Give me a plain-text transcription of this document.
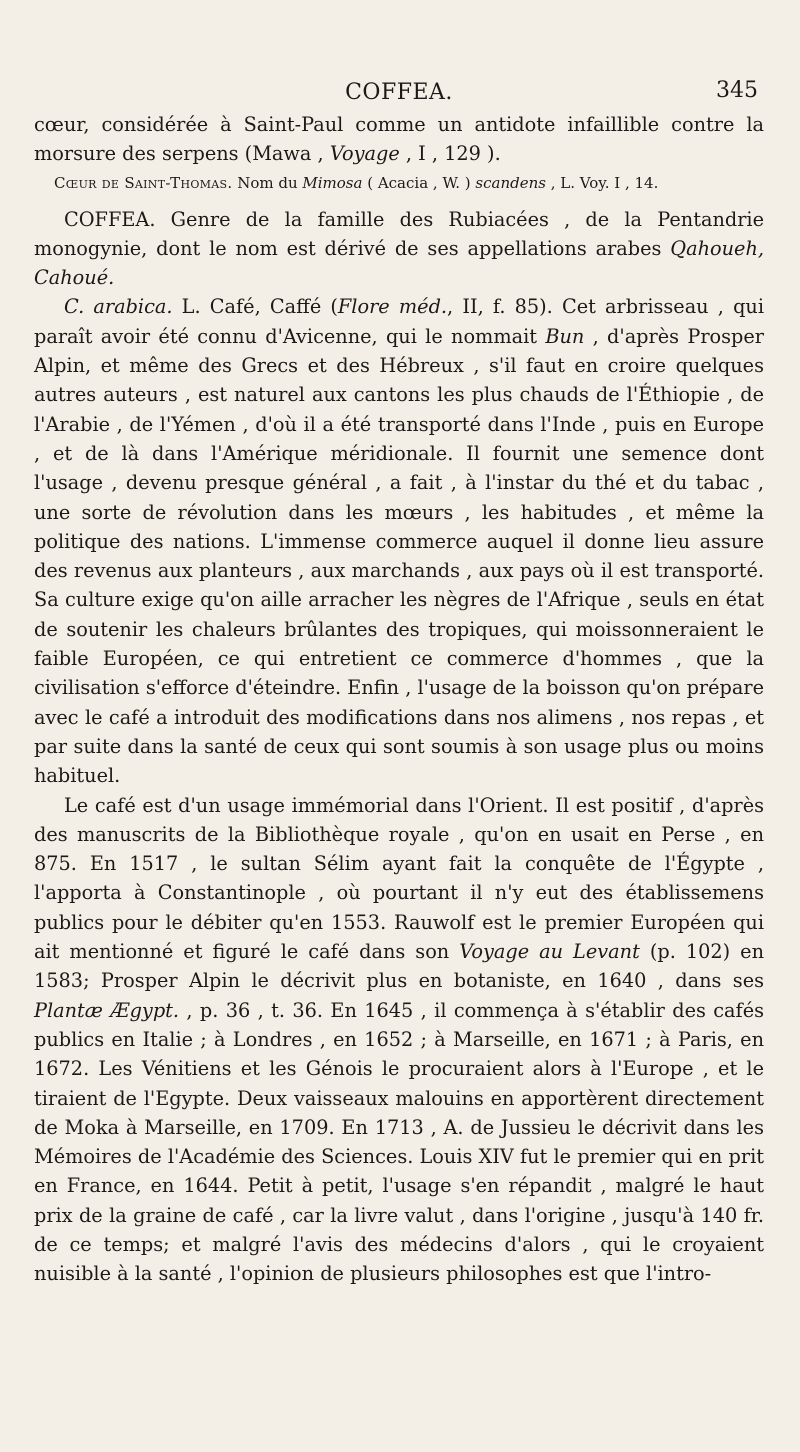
COFFEA.	345

cœur, considérée à Saint-Paul comme un antidote infaillible contre la morsure des serpens (Mawa , Voyage , I , 129 ).

Cœur de Saint-Thomas. Nom du Mimosa ( Acacia , W. ) scandens , L. Voy. I , 14.

COFFEA. Genre de la famille des Rubiacées , de la Pentandrie monogynie, dont le nom est dérivé de ses appellations arabes Qahoueh, Cahoué.

C. arabica. L. Café, Caffé (Flore méd., II, f. 85). Cet arbrisseau , qui paraît avoir été connu d'Avicenne, qui le nommait Bun , d'après Prosper Alpin, et même des Grecs et des Hébreux , s'il faut en croire quelques autres auteurs , est naturel aux cantons les plus chauds de l'Éthiopie , de l'Arabie , de l'Yémen , d'où il a été transporté dans l'Inde , puis en Europe , et de là dans l'Amérique méridionale. Il fournit une semence dont l'usage , devenu presque général , a fait , à l'instar du thé et du tabac , une sorte de révolution dans les mœurs , les habitudes , et même la politique des nations. L'immense commerce auquel il donne lieu assure des revenus aux planteurs , aux marchands , aux pays où il est transporté. Sa culture exige qu'on aille arracher les nègres de l'Afrique , seuls en état de soutenir les chaleurs brûlantes des tropiques, qui moissonneraient le faible Européen, ce qui entretient ce commerce d'hommes , que la civilisation s'efforce d'éteindre. Enfin , l'usage de la boisson qu'on prépare avec le café a introduit des modifications dans nos alimens , nos repas , et par suite dans la santé de ceux qui sont soumis à son usage plus ou moins habituel.

Le café est d'un usage immémorial dans l'Orient. Il est positif , d'après des manuscrits de la Bibliothèque royale , qu'on en usait en Perse , en 875. En 1517 , le sultan Sélim ayant fait la conquête de l'Égypte , l'apporta à Constantinople , où pourtant il n'y eut des établissemens publics pour le débiter qu'en 1553. Rauwolf est le premier Européen qui ait mentionné et figuré le café dans son Voyage au Levant (p. 102) en 1583; Prosper Alpin le décrivit plus en botaniste, en 1640 , dans ses Plantæ Ægypt. , p. 36 , t. 36. En 1645 , il commença à s'établir des cafés publics en Italie ; à Londres , en 1652 ; à Marseille, en 1671 ; à Paris, en 1672. Les Vénitiens et les Génois le procuraient alors à l'Europe , et le tiraient de l'Egypte. Deux vaisseaux malouins en apportèrent directement de Moka à Marseille, en 1709. En 1713 , A. de Jussieu le décrivit dans les Mémoires de l'Académie des Sciences. Louis XIV fut le premier qui en prit en France, en 1644. Petit à petit, l'usage s'en répandit , malgré le haut prix de la graine de café , car la livre valut , dans l'origine , jusqu'à 140 fr. de ce temps; et malgré l'avis des médecins d'alors , qui le croyaient nuisible à la santé , l'opinion de plusieurs philosophes est que l'intro-
